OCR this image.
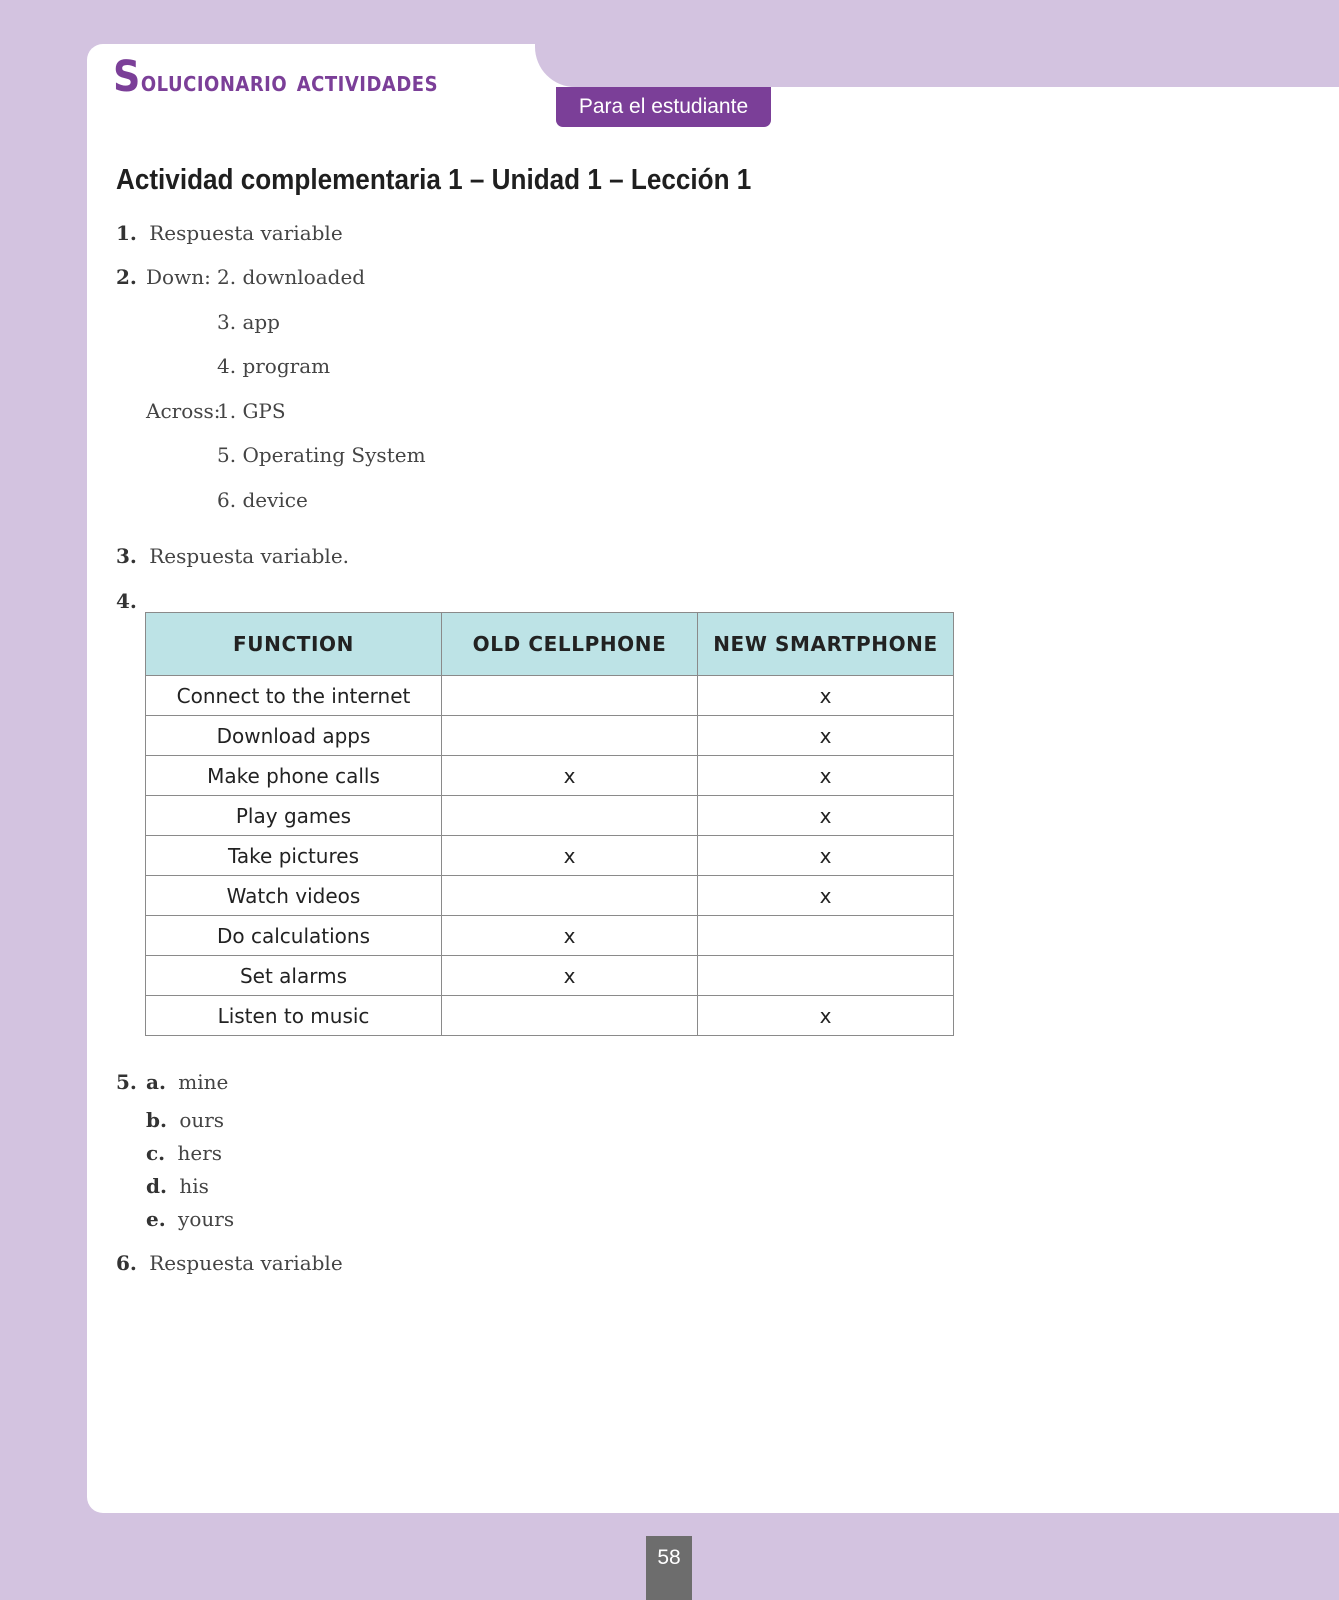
Solucionario actividades
Para el estudiante
Actividad complementaria 1 – Unidad 1 – Lección 1
1. Respuesta variable
2. Down: 2. downloaded
3. app
4. program
Across:
1. GPS
5. Operating System
6. device
3. Respuesta variable.
4.
FUNCTION	OLD CELLPHONE	NEW SMARTPHONE
Connect to the internet		x
Download apps		x
Make phone calls	x	x
Play games		x
Take pictures	x	x
Watch videos		x
Do calculations	x	
Set alarms	x	
Listen to music		x
5. a. mine
b. ours
c. hers
d. his
e. yours
6. Respuesta variable
58
